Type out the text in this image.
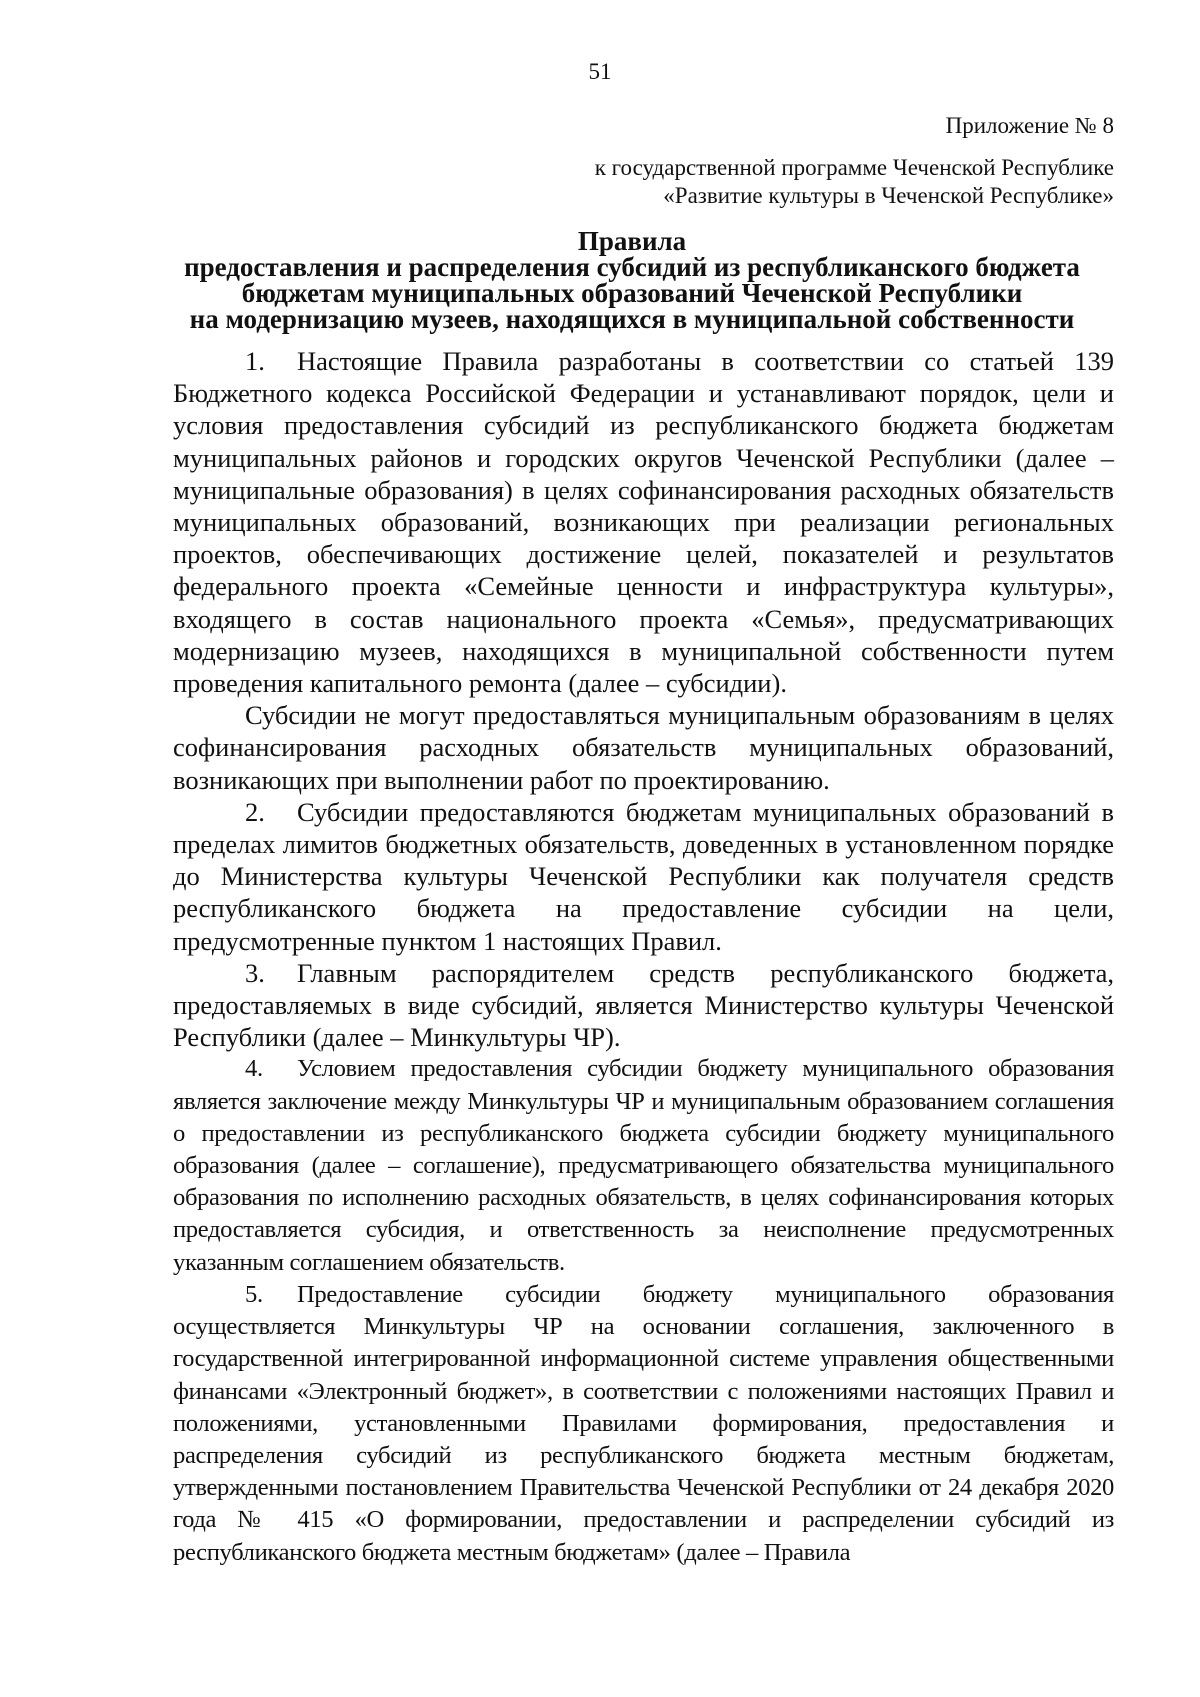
51
Приложение № 8
к государственной программе Чеченской Республике
«Развитие культуры в Чеченской Республике»
Правила
предоставления и распределения субсидий из республиканского бюджета
бюджетам муниципальных образований Чеченской Республики
на модернизацию музеев, находящихся в муниципальной собственности

1. Настоящие Правила разработаны в соответствии со статьей 139 Бюджетного кодекса Российской Федерации и устанавливают порядок, цели и условия предоставления субсидий из республиканского бюджета бюджетам муниципальных районов и городских округов Чеченской Республики (далее – муниципальные образования) в целях софинансирования расходных обязательств муниципальных образований, возникающих при реализации региональных проектов, обеспечивающих достижение целей, показателей и результатов федерального проекта «Семейные ценности и инфраструктура культуры», входящего в состав национального проекта «Семья», предусматривающих модернизацию музеев, находящихся в муниципальной собственности путем проведения капитального ремонта (далее – субсидии).

Субсидии не могут предоставляться муниципальным образованиям в целях софинансирования расходных обязательств муниципальных образований, возникающих при выполнении работ по проектированию.

2. Субсидии предоставляются бюджетам муниципальных образований в пределах лимитов бюджетных обязательств, доведенных в установленном порядке до Министерства культуры Чеченской Республики как получателя средств республиканского бюджета на предоставление субсидии на цели, предусмотренные пунктом 1 настоящих Правил.

3. Главным распорядителем средств республиканского бюджета, предоставляемых в виде субсидий, является Министерство культуры Чеченской Республики (далее – Минкультуры ЧР).

4. Условием предоставления субсидии бюджету муниципального образования является заключение между Минкультуры ЧР и муниципальным образованием соглашения о предоставлении из республиканского бюджета субсидии бюджету муниципального образования (далее – соглашение), предусматривающего обязательства муниципального образования по исполнению расходных обязательств, в целях софинансирования которых предоставляется субсидия, и ответственность за неисполнение предусмотренных указанным соглашением обязательств.

5. Предоставление субсидии бюджету муниципального образования осуществляется Минкультуры ЧР на основании соглашения, заключенного в государственной интегрированной информационной системе управления общественными финансами «Электронный бюджет», в соответствии с положениями настоящих Правил и положениями, установленными Правилами формирования, предоставления и распределения субсидий из республиканского бюджета местным бюджетам, утвержденными постановлением Правительства Чеченской Республики от 24 декабря 2020 года № 415 «О формировании, предоставлении и распределении субсидий из республиканского бюджета местным бюджетам» (далее – Правила
